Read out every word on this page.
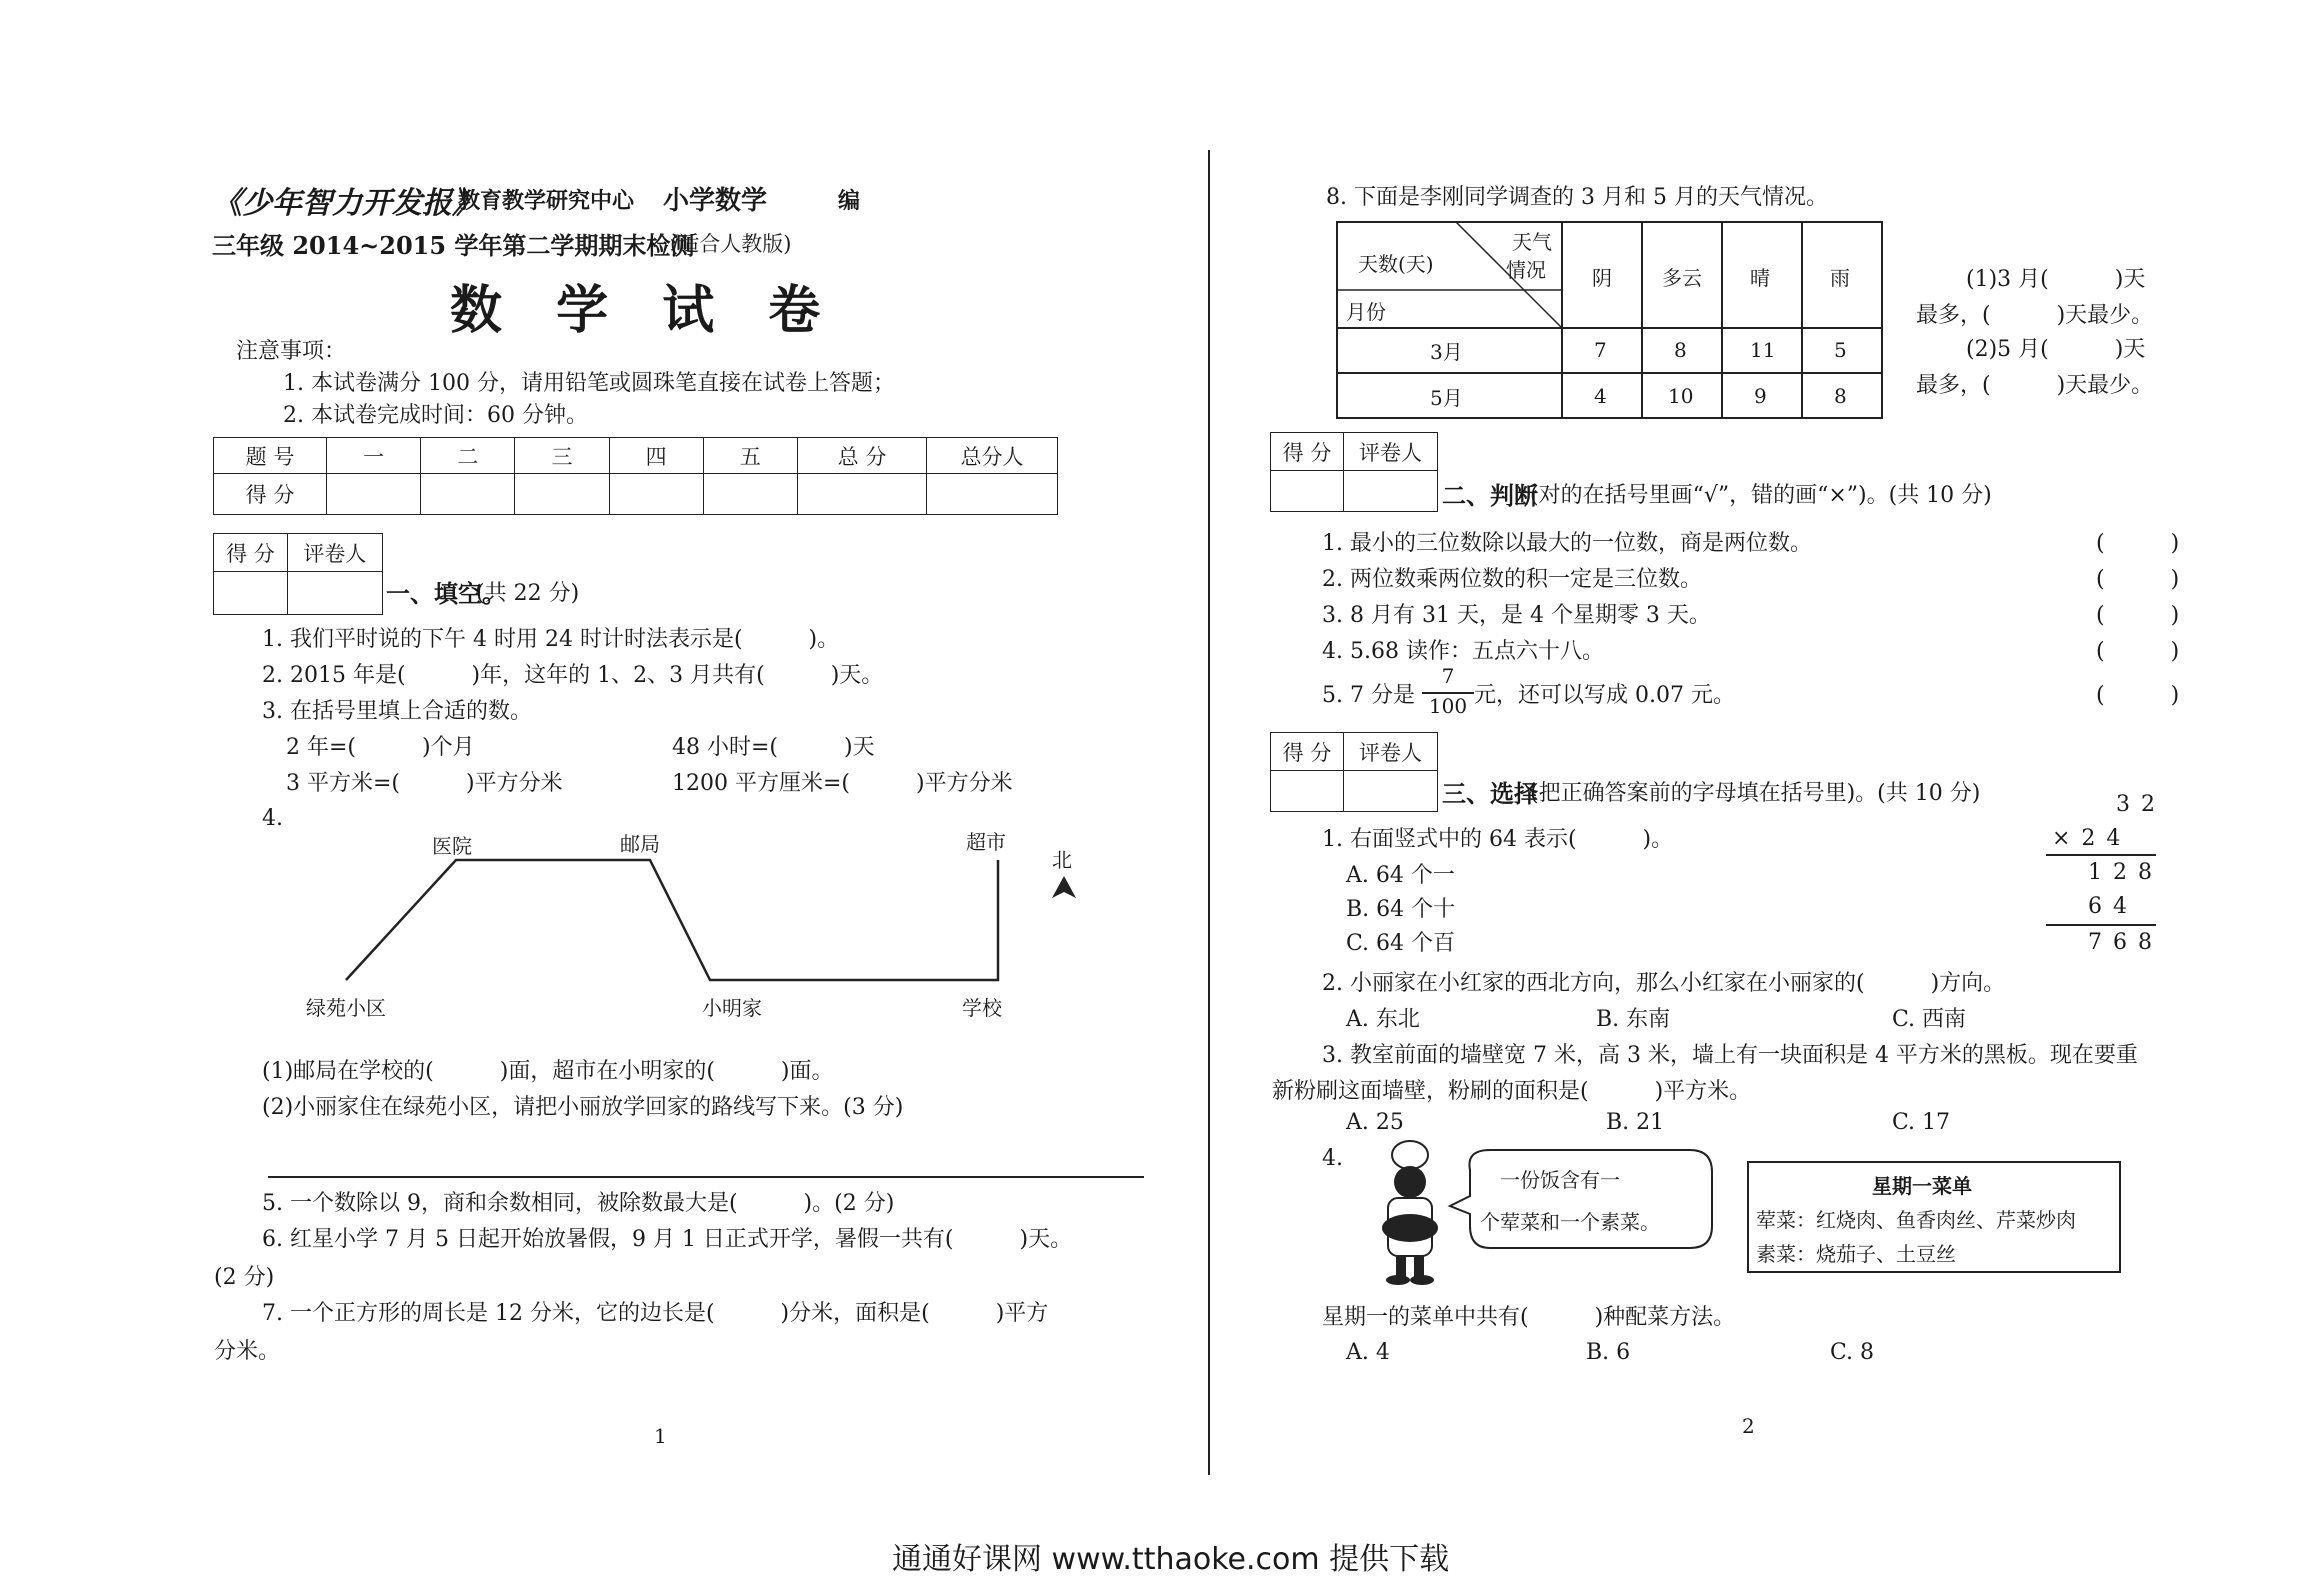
《少年智力开发报》
教育教学研究中心 小学数学	编
三年级 2014~2015 学年第二学期期末检测
(适合人教版)
数 学 试 卷
注意事项：
1. 本试卷满分 100 分，请用铅笔或圆珠笔直接在试卷上答题；
2. 本试卷完成时间：60 分钟。
题 号	一	二	三	四	五	总 分	总分人
得 分							
得 分	评卷人

一、填空。
(共 22 分)
1. 我们平时说的下午 4 时用 24 时计时法表示是(　　　)。
2. 2015 年是(　　　)年，这年的 1、2、3 月共有(　　　)天。
3. 在括号里填上合适的数。
2 年=(　　　)个月	48 小时=(　　　)天
3 平方米=(　　　)平方分米	1200 平方厘米=(　　　)平方分米
4.
医院	邮局	超市
北
绿苑小区	小明家	学校
(1)邮局在学校的(　　　)面，超市在小明家的(　　　)面。
(2)小丽家住在绿苑小区，请把小丽放学回家的路线写下来。(3 分)
5. 一个数除以 9，商和余数相同，被除数最大是(　　　)。(2 分)
6. 红星小学 7 月 5 日起开始放暑假，9 月 1 日正式开学，暑假一共有(　　　)天。
(2 分)
7. 一个正方形的周长是 12 分米，它的边长是(　　　)分米，面积是(　　　)平方
分米。
1
8. 下面是李刚同学调查的 3 月和 5 月的天气情况。
天气
情况
天数(天)
月份
阴	多云 晴	雨
3月	7	8	11	5
5月	4	10	9	8
(1)3 月(　　　)天
最多，(　　　)天最少。
(2)5 月(　　　)天
最多，(　　　)天最少。
得 分	评卷人

二、判断
(对的在括号里画“√”，错的画“×”)。(共 10 分)
1. 最小的三位数除以最大的一位数，商是两位数。	(　　　)
2. 两位数乘两位数的积一定是三位数。	(　　　)
3. 8 月有 31 天，是 4 个星期零 3 天。	(　　　)
4. 5.68 读作：五点六十八。	(　　　)
5. 7 分是
7
100 元，还可以写成 0.07 元。	(　　　)
得 分	评卷人

三、选择
(把正确答案前的字母填在括号里)。(共 10 分)
1. 右面竖式中的 64 表示(　　　)。
A. 64 个一
B. 64 个十
C. 64 个百
3 2
× 2 4
1 2 8
6 4
7 6 8
2. 小丽家在小红家的西北方向，那么小红家在小丽家的(　　　)方向。
A. 东北	B. 东南	C. 西南
3. 教室前面的墙壁宽 7 米，高 3 米，墙上有一块面积是 4 平方米的黑板。现在要重
新粉刷这面墙壁，粉刷的面积是(　　　)平方米。
A. 25	B. 21	C. 17
4.
一份饭含有一
个荤菜和一个素菜。
星期一菜单
荤菜：红烧肉、鱼香肉丝、芹菜炒肉
素菜：烧茄子、土豆丝
星期一的菜单中共有(　　　)种配菜方法。
A. 4	B. 6	C. 8
2
通通好课网 www.tthaoke.com 提供下载
